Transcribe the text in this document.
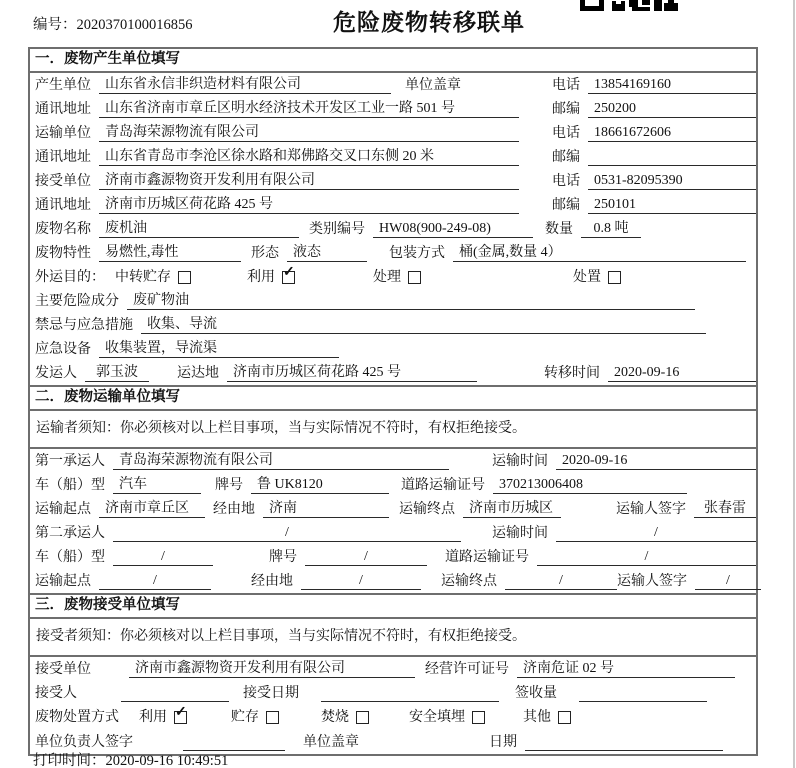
编号：2020370100016856	危险废物转移联单
一．废物产生单位填写
产生单位	山东省永信非织造材料有限公司	单位盖章	电话	13854169160
通讯地址	山东省济南市章丘区明水经济技术开发区工业一路 501 号	邮编	250200
运输单位	青岛海荣源物流有限公司	电话	18661672606
通讯地址	山东省青岛市李沧区徐水路和郑佛路交叉口东侧 20 米	邮编
接受单位	济南市鑫源物资开发利用有限公司	电话	0531-82095390
通讯地址	济南市历城区荷花路 425 号	邮编	250101
废物名称	废机油	类别编号	HW08(900-249-08)	数量	0.8 吨
废物特性	易燃性,毒性	形态	液态	包装方式	桶(金属,数量 4）
外运目的： 中转贮存	利用 ✓	处理	处置
主要危险成分	废矿物油
禁忌与应急措施	收集、导流
应急设备	收集装置，导流渠
发运人	郭玉波	运达地	济南市历城区荷花路 425 号	转移时间	2020-09-16
二．废物运输单位填写
运输者须知：你必须核对以上栏目事项，当与实际情况不符时，有权拒绝接受。
第一承运人	青岛海荣源物流有限公司	运输时间	2020-09-16
车（船）型	汽车	牌号	鲁 UK8120	道路运输证号	370213006408
运输起点	济南市章丘区	经由地	济南	运输终点	济南市历城区	运输人签字	张春雷
第二承运人	/	运输时间	/
车（船）型	/	牌号	/	道路运输证号	/
运输起点	/	经由地	/	运输终点	/	运输人签字	/
三．废物接受单位填写
接受者须知：你必须核对以上栏目事项，当与实际情况不符时，有权拒绝接受。
接受单位	济南市鑫源物资开发利用有限公司	经营许可证号	济南危证 02 号
接受人	接受日期	签收量
废物处置方式 利用 ✓	贮存	焚烧	安全填埋	其他
单位负责人签字	单位盖章	日期
打印时间：2020-09-16 10:49:51
